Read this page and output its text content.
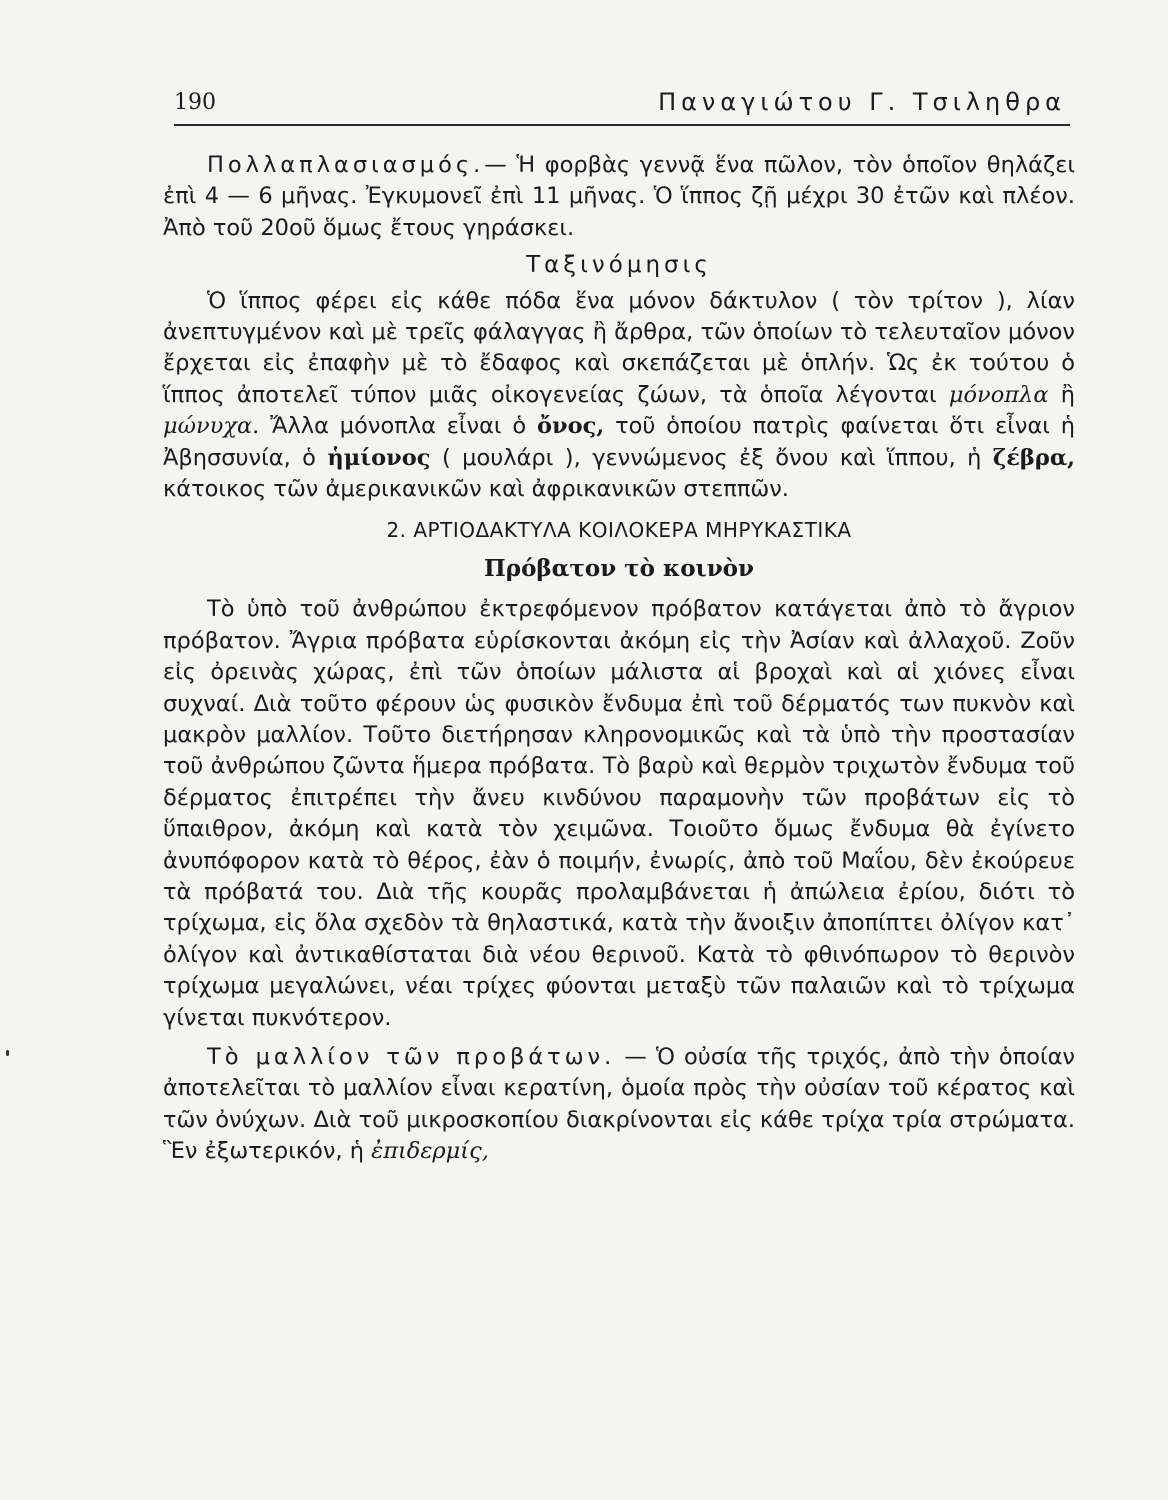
190	Παναγιώτου Γ. Τσιληθρα

Πολλαπλασιασμός.— Ἡ φορβὰς γεννᾷ ἕνα πῶλον, τὸν ὁποῖον θηλάζει ἐπὶ 4 — 6 μῆνας. Ἐγκυμονεῖ ἐπὶ 11 μῆνας. Ὁ ἵππος ζῇ μέχρι 30 ἐτῶν καὶ πλέον. Ἀπὸ τοῦ 20οῦ ὅμως ἔτους γηράσκει.

Ταξινόμησις

Ὁ ἵππος φέρει εἰς κάθε πόδα ἕνα μόνον δάκτυλον ( τὸν τρίτον ), λίαν ἀνεπτυγμένον καὶ μὲ τρεῖς φάλαγγας ἢ ἄρθρα, τῶν ὁποίων τὸ τελευταῖον μόνον ἔρχεται εἰς ἐπαφὴν μὲ τὸ ἔδαφος καὶ σκεπάζεται μὲ ὁπλήν. Ὡς ἐκ τούτου ὁ ἵππος ἀποτελεῖ τύπον μιᾶς οἰκογενείας ζώων, τὰ ὁποῖα λέγονται μόνοπλα ἢ μώνυχα. Ἄλλα μόνοπλα εἶναι ὁ ὄνος, τοῦ ὁποίου πατρὶς φαίνεται ὅτι εἶναι ἡ Ἀβησσυνία, ὁ ἡμίονος ( μουλάρι ), γεννώμενος ἐξ ὄνου καὶ ἵππου, ἡ ζέβρα, κάτοικος τῶν ἀμερικανικῶν καὶ ἀφρικανικῶν στεππῶν.

2. ΑΡΤΙΟΔΑΚΤΥΛΑ ΚΟΙΛΟΚΕΡΑ ΜΗΡΥΚΑΣΤΙΚΑ

Πρόβατον τὸ κοινὸν

Τὸ ὑπὸ τοῦ ἀνθρώπου ἐκτρεφόμενον πρόβατον κατάγεται ἀπὸ τὸ ἄγριον πρόβατον. Ἄγρια πρόβατα εὑρίσκονται ἀκόμη εἰς τὴν Ἀσίαν καὶ ἀλλαχοῦ. Ζοῦν εἰς ὀρεινὰς χώρας, ἐπὶ τῶν ὁποίων μάλιστα αἱ βροχαὶ καὶ αἱ χιόνες εἶναι συχναί. Διὰ τοῦτο φέρουν ὡς φυσικὸν ἔνδυμα ἐπὶ τοῦ δέρματός των πυκνὸν καὶ μακρὸν μαλλίον. Τοῦτο διετήρησαν κληρονομικῶς καὶ τὰ ὑπὸ τὴν προστασίαν τοῦ ἀνθρώπου ζῶντα ἥμερα πρόβατα. Τὸ βαρὺ καὶ θερμὸν τριχωτὸν ἔνδυμα τοῦ δέρματος ἐπιτρέπει τὴν ἄνευ κινδύνου παραμονὴν τῶν προβάτων εἰς τὸ ὕπαιθρον, ἀκόμη καὶ κατὰ τὸν χειμῶνα. Τοιοῦτο ὅμως ἔνδυμα θὰ ἐγίνετο ἀνυπόφορον κατὰ τὸ θέρος, ἐὰν ὁ ποιμήν, ἐνωρίς, ἀπὸ τοῦ Μαΐου, δὲν ἐκούρευε τὰ πρόβατά του. Διὰ τῆς κουρᾶς προλαμβάνεται ἡ ἀπώλεια ἐρίου, διότι τὸ τρίχωμα, εἰς ὅλα σχεδὸν τὰ θηλαστικά, κατὰ τὴν ἄνοιξιν ἀποπίπτει ὀλίγον κατ᾽ ὀλίγον καὶ ἀντικαθίσταται διὰ νέου θερινοῦ. Κατὰ τὸ φθινόπωρον τὸ θερινὸν τρίχωμα μεγαλώνει, νέαι τρίχες φύονται μεταξὺ τῶν παλαιῶν καὶ τὸ τρίχωμα γίνεται πυκνότερον.

Τὸ μαλλίον τῶν προβάτων. — Ὁ οὐσία τῆς τριχός, ἀπὸ τὴν ὁποίαν ἀποτελεῖται τὸ μαλλίον εἶναι κερατίνη, ὁμοία πρὸς τὴν οὐσίαν τοῦ κέρατος καὶ τῶν ὀνύχων. Διὰ τοῦ μικροσκοπίου διακρίνονται εἰς κάθε τρίχα τρία στρώματα. Ἓν ἐξωτερικόν, ἡ ἐπιδερμίς,
